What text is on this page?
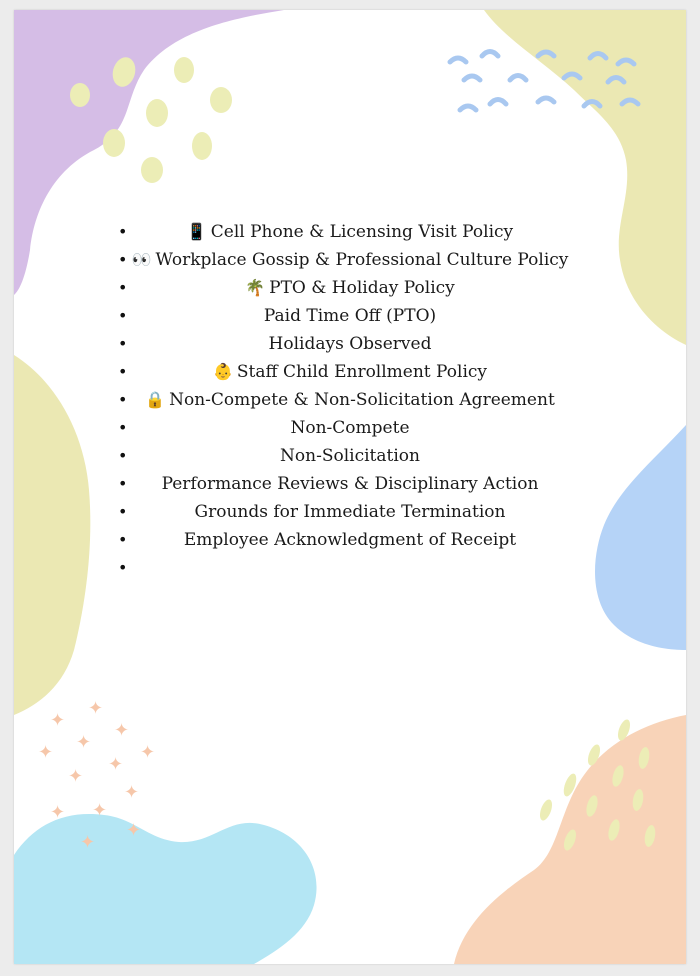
✦
✦
✦
✦ ✦	✦
✦
✦
✦
✦ ✦
✦
✦
•	📱 Cell Phone & Licensing Visit Policy
• 👀 Workplace Gossip & Professional Culture Policy
•	🌴 PTO & Holiday Policy
•	Paid Time Off (PTO)
•	Holidays Observed
•	👶 Staff Child Enrollment Policy
• 🔒 Non-Compete & Non-Solicitation Agreement
•	Non-Compete
•	Non-Solicitation
• Performance Reviews & Disciplinary Action
•	Grounds for Immediate Termination
•	Employee Acknowledgment of Receipt
•
